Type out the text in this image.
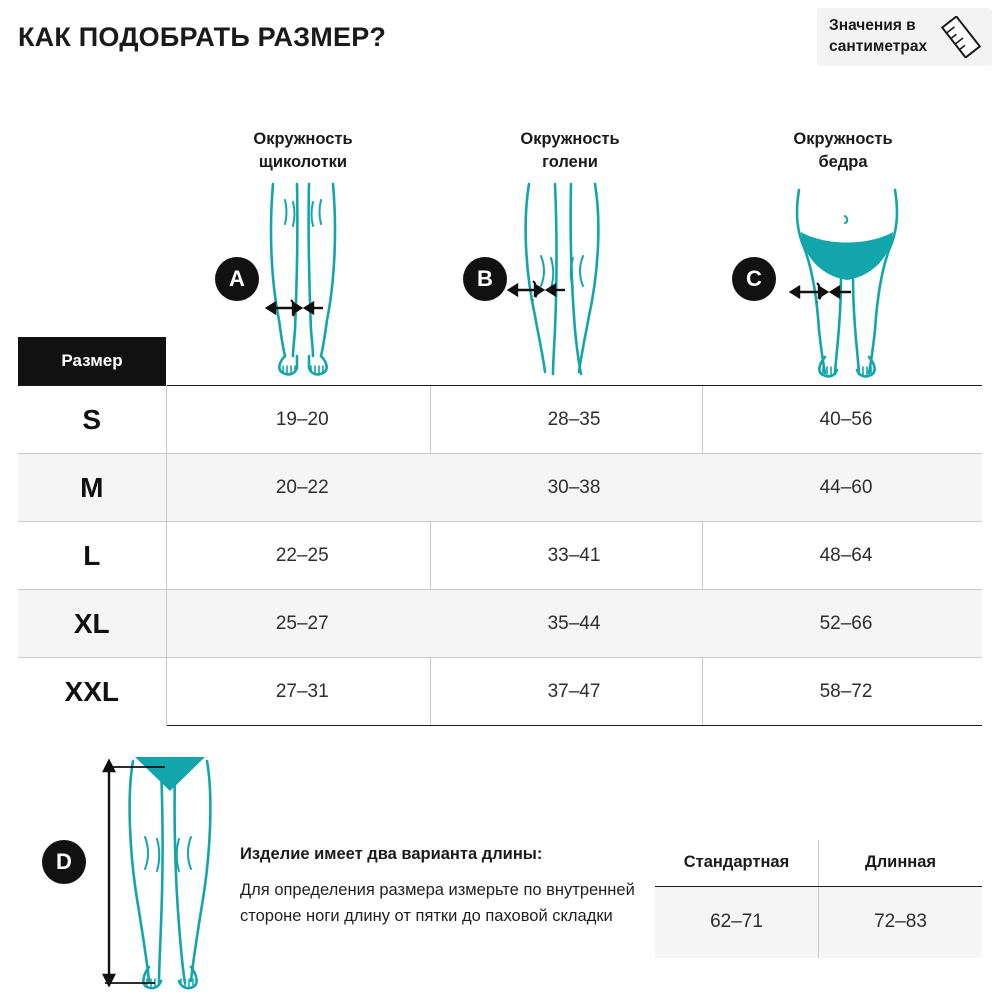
КАК ПОДОБРАТЬ РАЗМЕР?	Значения в сантиметрах
Окружность
щиколотки
Окружность
голени
Окружность
бедра
A	B	C
D
Размер
S	19–20	28–35	40–56
M	20–22	30–38	44–60
L	22–25	33–41	48–64
XL	25–27	35–44	52–66
XXL	27–31	37–47	58–72
Изделие имеет два варианта длины:
Для определения размера измерьте по внутренней стороне ноги длину от пятки до паховой складки
Стандартная	Длинная
62–71	72–83
